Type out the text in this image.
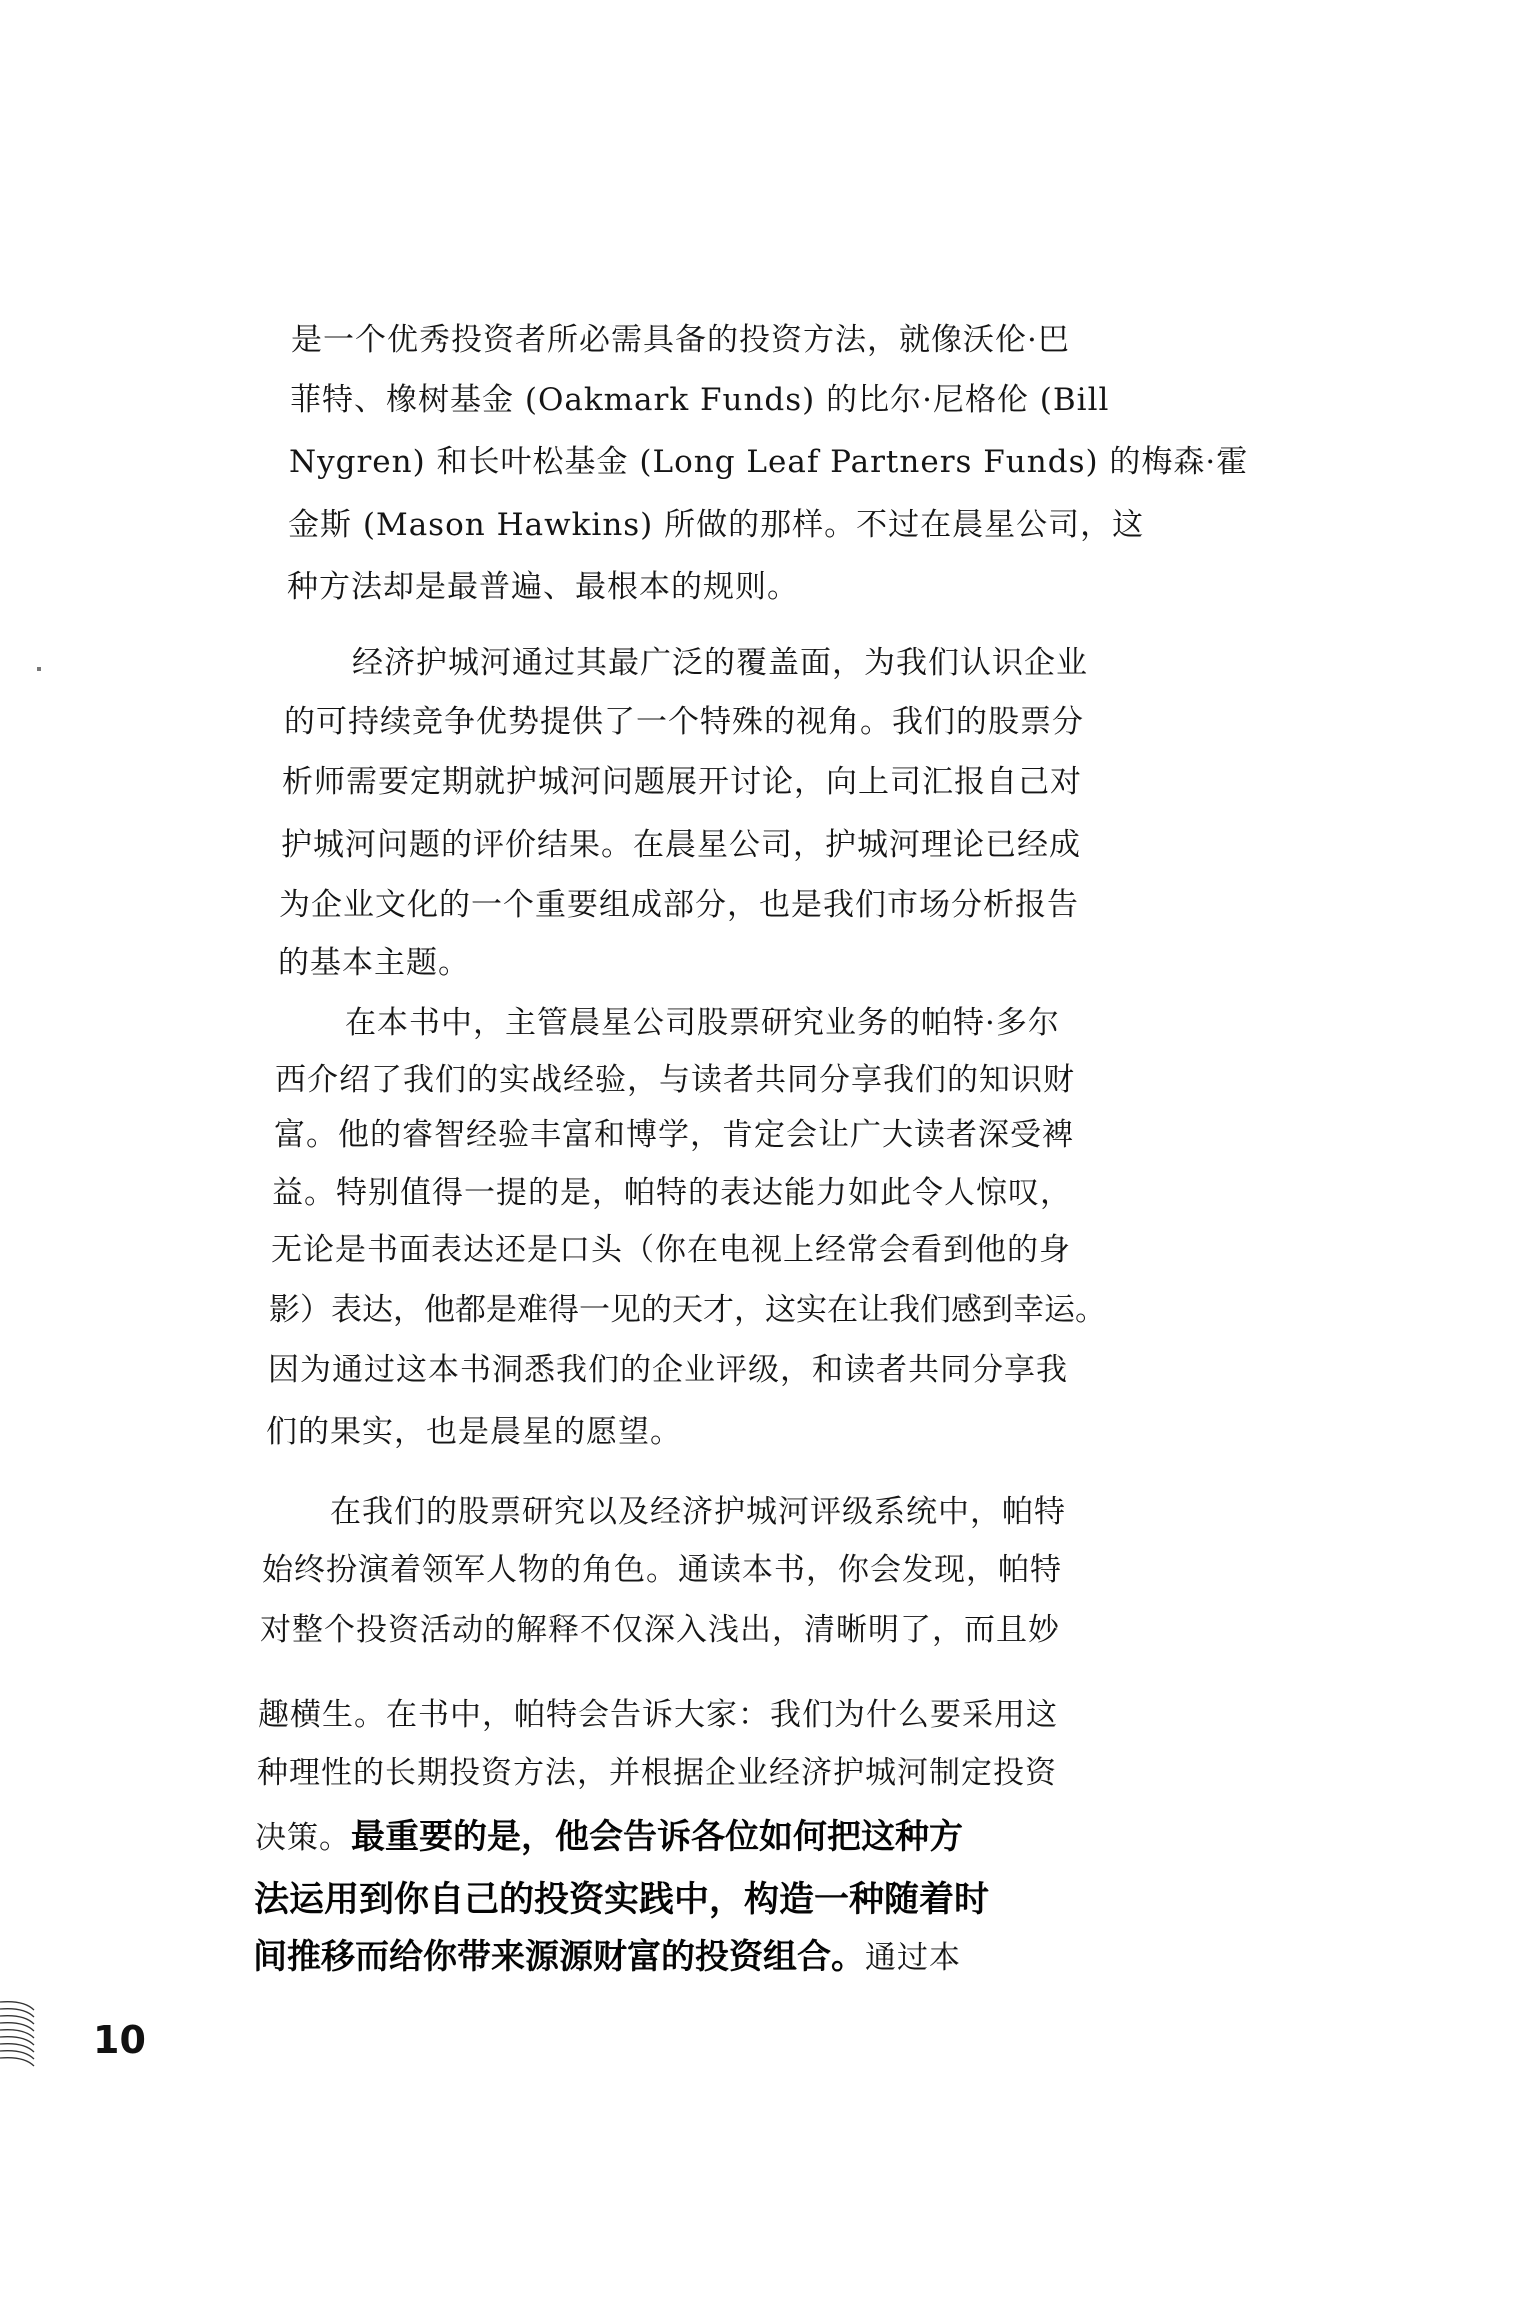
是一个优秀投资者所必需具备的投资方法，就像沃伦·巴
菲特、橡树基金 (Oakmark Funds) 的比尔·尼格伦 (Bill
Nygren) 和长叶松基金 (Long Leaf Partners Funds) 的梅森·霍
金斯 (Mason Hawkins) 所做的那样。不过在晨星公司，这
种方法却是最普遍、最根本的规则。
经济护城河通过其最广泛的覆盖面，为我们认识企业
的可持续竞争优势提供了一个特殊的视角。我们的股票分
析师需要定期就护城河问题展开讨论，向上司汇报自己对
护城河问题的评价结果。在晨星公司，护城河理论已经成
为企业文化的一个重要组成部分，也是我们市场分析报告
的基本主题。
在本书中，主管晨星公司股票研究业务的帕特·多尔
西介绍了我们的实战经验，与读者共同分享我们的知识财
富。他的睿智经验丰富和博学，肯定会让广大读者深受裨
益。特别值得一提的是，帕特的表达能力如此令人惊叹，
无论是书面表达还是口头（你在电视上经常会看到他的身
影）表达，他都是难得一见的天才，这实在让我们感到幸运。
因为通过这本书洞悉我们的企业评级，和读者共同分享我
们的果实，也是晨星的愿望。
在我们的股票研究以及经济护城河评级系统中，帕特
始终扮演着领军人物的角色。通读本书，你会发现，帕特
对整个投资活动的解释不仅深入浅出，清晰明了，而且妙
趣横生。在书中，帕特会告诉大家：我们为什么要采用这
种理性的长期投资方法，并根据企业经济护城河制定投资
决策。最重要的是，他会告诉各位如何把这种方
法运用到你自己的投资实践中，构造一种随着时
间推移而给你带来源源财富的投资组合。通过本
10
